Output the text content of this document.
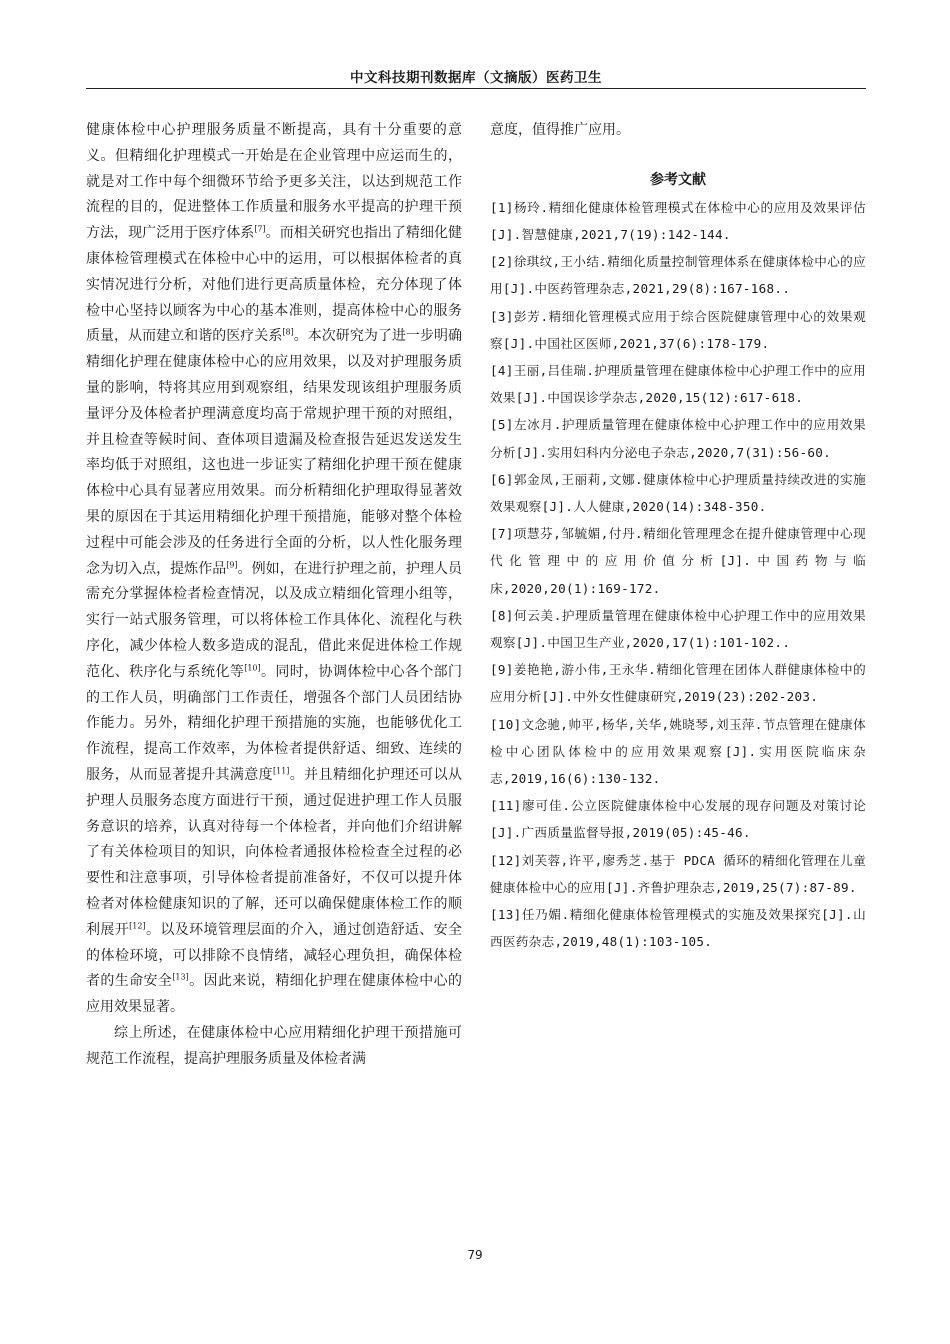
中文科技期刊数据库（文摘版）医药卫生

健康体检中心护理服务质量不断提高，具有十分重要的意义。但精细化护理模式一开始是在企业管理中应运而生的，就是对工作中每个细微环节给予更多关注，以达到规范工作流程的目的，促进整体工作质量和服务水平提高的护理干预方法，现广泛用于医疗体系[7]。而相关研究也指出了精细化健康体检管理模式在体检中心中的运用，可以根据体检者的真实情况进行分析，对他们进行更高质量体检，充分体现了体检中心坚持以顾客为中心的基本准则，提高体检中心的服务质量，从而建立和谐的医疗关系[8]。本次研究为了进一步明确精细化护理在健康体检中心的应用效果，以及对护理服务质量的影响，特将其应用到观察组，结果发现该组护理服务质量评分及体检者护理满意度均高于常规护理干预的对照组，并且检查等候时间、查体项目遗漏及检查报告延迟发送发生率均低于对照组，这也进一步证实了精细化护理干预在健康体检中心具有显著应用效果。而分析精细化护理取得显著效果的原因在于其运用精细化护理干预措施，能够对整个体检过程中可能会涉及的任务进行全面的分析，以人性化服务理念为切入点，提炼作品[9]。例如，在进行护理之前，护理人员需充分掌握体检者检查情况，以及成立精细化管理小组等，实行一站式服务管理，可以将体检工作具体化、流程化与秩序化，减少体检人数多造成的混乱，借此来促进体检工作规范化、秩序化与系统化等[10]。同时，协调体检中心各个部门的工作人员，明确部门工作责任，增强各个部门人员团结协作能力。另外，精细化护理干预措施的实施，也能够优化工作流程，提高工作效率，为体检者提供舒适、细致、连续的服务，从而显著提升其满意度[11]。并且精细化护理还可以从护理人员服务态度方面进行干预，通过促进护理工作人员服务意识的培养，认真对待每一个体检者，并向他们介绍讲解了有关体检项目的知识，向体检者通报体检检查全过程的必要性和注意事项，引导体检者提前准备好，不仅可以提升体检者对体检健康知识的了解，还可以确保健康体检工作的顺利展开[12]。以及环境管理层面的介入，通过创造舒适、安全的体检环境，可以排除不良情绪，减轻心理负担，确保体检者的生命安全[13]。因此来说，精细化护理在健康体检中心的应用效果显著。

综上所述，在健康体检中心应用精细化护理干预措施可规范工作流程，提高护理服务质量及体检者满

意度，值得推广应用。

参考文献
[1]杨玲.精细化健康体检管理模式在体检中心的应用及效果评估[J].智慧健康,2021,7(19):142-144.
[2]徐琪纹,王小结.精细化质量控制管理体系在健康体检中心的应用[J].中医药管理杂志,2021,29(8):167-168..
[3]彭芳.精细化管理模式应用于综合医院健康管理中心的效果观察[J].中国社区医师,2021,37(6):178-179.
[4]王丽,吕佳瑞.护理质量管理在健康体检中心护理工作中的应用效果[J].中国误诊学杂志,2020,15(12):617-618.
[5]左冰月.护理质量管理在健康体检中心护理工作中的应用效果分析[J].实用妇科内分泌电子杂志,2020,7(31):56-60.
[6]郭金凤,王丽莉,文娜.健康体检中心护理质量持续改进的实施效果观察[J].人人健康,2020(14):348-350.
[7]项慧芬,邹毓媚,付丹.精细化管理理念在提升健康管理中心现代化管理中的应用价值分析[J].中国药物与临床,2020,20(1):169-172.
[8]何云美.护理质量管理在健康体检中心护理工作中的应用效果观察[J].中国卫生产业,2020,17(1):101-102..
[9]姜艳艳,游小伟,王永华.精细化管理在团体人群健康体检中的应用分析[J].中外女性健康研究,2019(23):202-203.
[10]文念驰,帅平,杨华,关华,姚晓琴,刘玉萍.节点管理在健康体检中心团队体检中的应用效果观察[J].实用医院临床杂志,2019,16(6):130-132.
[11]廖可佳.公立医院健康体检中心发展的现存问题及对策讨论[J].广西质量监督导报,2019(05):45-46.
[12]刘芙蓉,许平,廖秀芝.基于 PDCA 循环的精细化管理在儿童健康体检中心的应用[J].齐鲁护理杂志,2019,25(7):87-89.
[13]任乃媚.精细化健康体检管理模式的实施及效果探究[J].山西医药杂志,2019,48(1):103-105.
79
